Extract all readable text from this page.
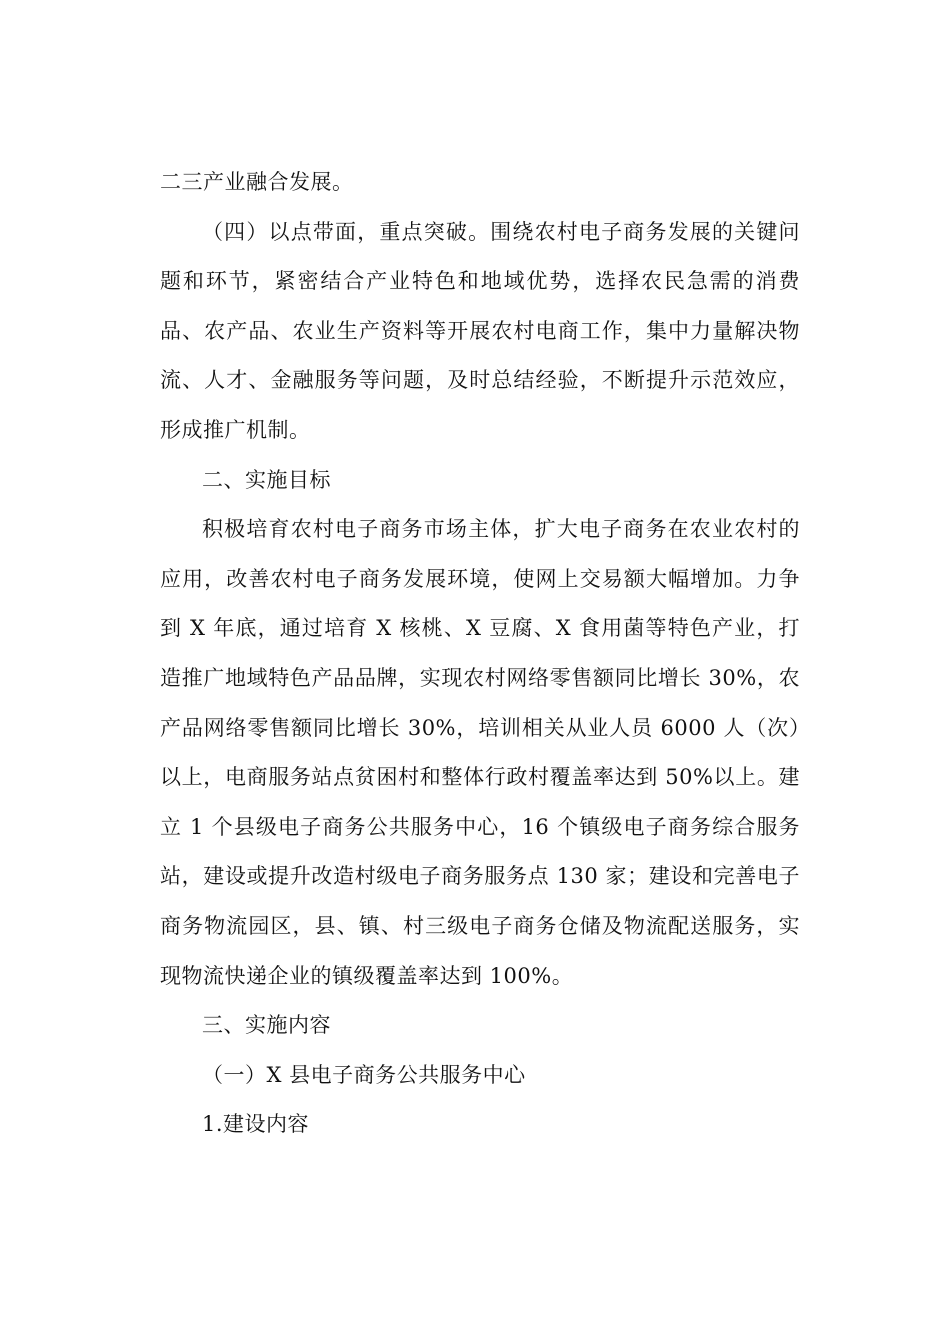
二三产业融合发展。

（四）以点带面，重点突破。围绕农村电子商务发展的关键问题和环节，紧密结合产业特色和地域优势，选择农民急需的消费品、农产品、农业生产资料等开展农村电商工作，集中力量解决物流、人才、金融服务等问题，及时总结经验，不断提升示范效应，形成推广机制。

二、实施目标

积极培育农村电子商务市场主体，扩大电子商务在农业农村的应用，改善农村电子商务发展环境，使网上交易额大幅增加。力争到 X 年底，通过培育 X 核桃、X 豆腐、X 食用菌等特色产业，打造推广地域特色产品品牌，实现农村网络零售额同比增长 30%，农产品网络零售额同比增长 30%，培训相关从业人员 6000 人（次）以上，电商服务站点贫困村和整体行政村覆盖率达到 50%以上。建立 1 个县级电子商务公共服务中心，16 个镇级电子商务综合服务站，建设或提升改造村级电子商务服务点 130 家；建设和完善电子商务物流园区，县、镇、村三级电子商务仓储及物流配送服务，实现物流快递企业的镇级覆盖率达到 100%。

三、实施内容

（一）X 县电子商务公共服务中心

1.建设内容
